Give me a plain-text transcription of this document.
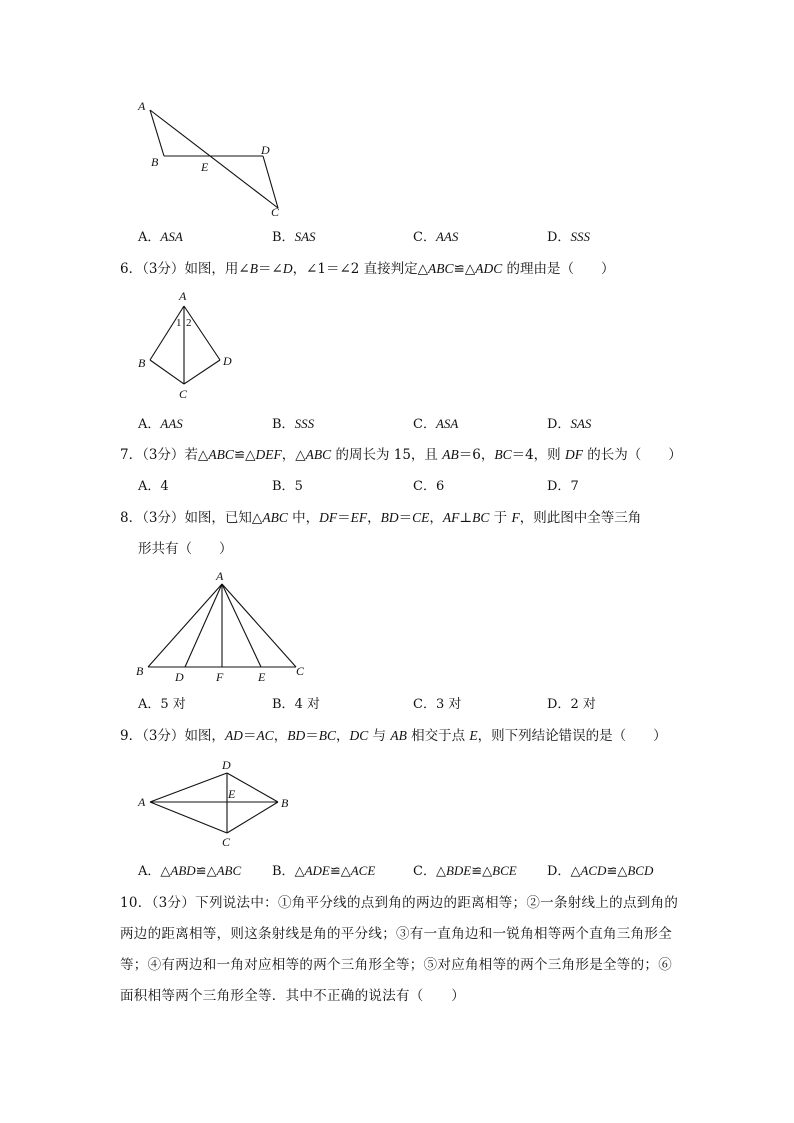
A
B	E
D
C
A．ASA	B．SAS	C．AAS	D．SSS
6．（3分）如图，用∠B＝∠D，∠1＝∠2 直接判定△ABC≌△ADC 的理由是（　　）
A
1 2
B	D
C
A．AAS	B．SSS	C．ASA	D．SAS
7．（3分）若△ABC≌△DEF，△ABC 的周长为 15，且 AB＝6，BC＝4，则 DF 的长为（　　）
A．4	B．5	C．6	D．7
8．（3分）如图，已知△ABC 中，DF＝EF，BD＝CE，AF⊥BC 于 F，则此图中全等三角
形共有（　　）
A
B	C
D	F	E
A．5 对	B．4 对	C．3 对	D．2 对
9．（3分）如图，AD＝AC，BD＝BC，DC 与 AB 相交于点 E，则下列结论错误的是（　　）
D
A
E
B
C
A．△ABD≌△ABC B．△ADE≌△ACE	C．△BDE≌△BCE D．△ACD≌△BCD
10．（3分）下列说法中：①角平分线的点到角的两边的距离相等；②一条射线上的点到角的两边的距离相等，则这条射线是角的平分线；③有一直角边和一锐角相等两个直角三角形全等；④有两边和一角对应相等的两个三角形全等；⑤对应角相等的两个三角形是全等的；⑥面积相等两个三角形全等．其中不正确的说法有（　　）
